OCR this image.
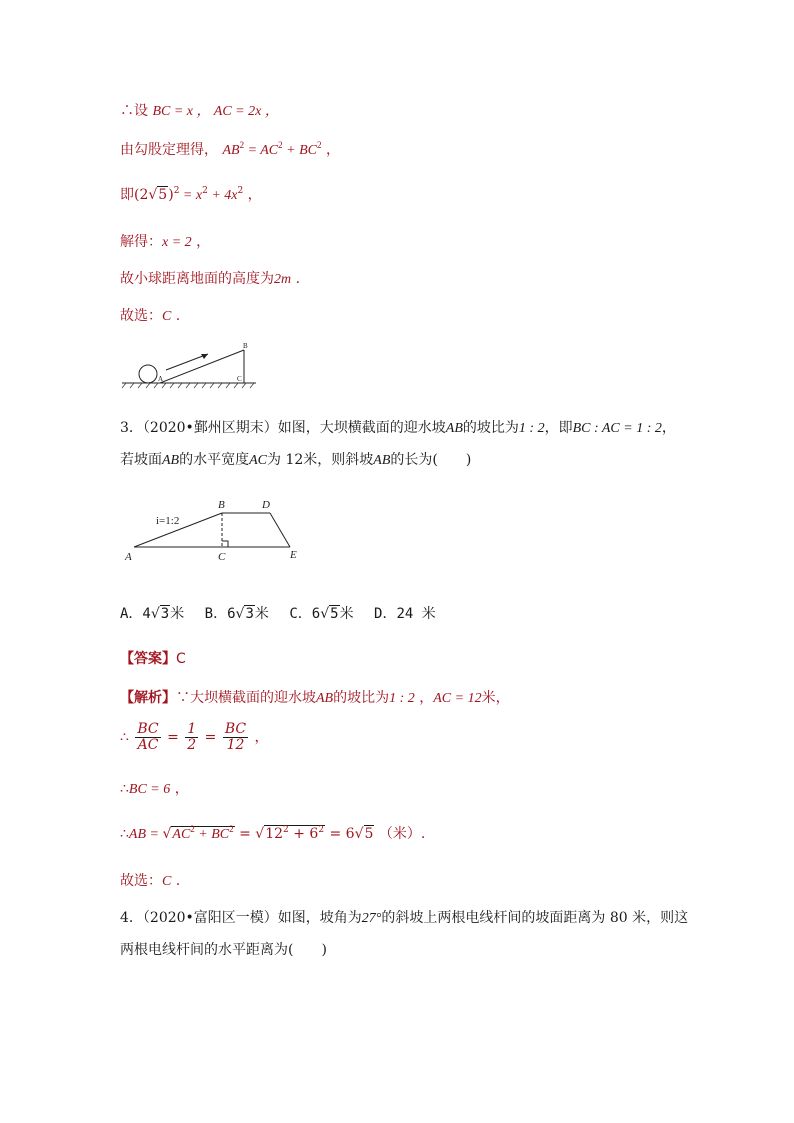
∴设 BC = x ， AC = 2x ，
由勾股定理得， $AB^2 = AC^2 + BC^2$ ，
即$(2√5)^2 = x^2 + 4x^2$ ，
解得：x = 2 ，
故小球距离地面的高度为2m .
故选：C .
B
A	C
3．（2020•鄞州区期末）如图，大坝横截面的迎水坡AB的坡比为1 : 2，即BC : AC = 1 : 2，
若坡面AB的水平宽度AC为 12米，则斜坡AB的长为(　　)
B	D
A	C	E
i=1:2
A．4√3米 B．6√3米 C．6√5米 D．24 米
【答案】C
【解析】∵大坝横截面的迎水坡AB的坡比为1 : 2 ，AC = 12米，
∴ $\frac{BC}{AC} = \frac{1}{2} = \frac{BC}{12}$ ，
∴BC = 6 ，
∴AB = $√AC^2 + BC^2 = √12^2 + 6^2 = 6√5$ （米）.
故选：C .
4．（2020•富阳区一模）如图，坡角为27°的斜坡上两根电线杆间的坡面距离为 80 米，则这
两根电线杆间的水平距离为(　　)
